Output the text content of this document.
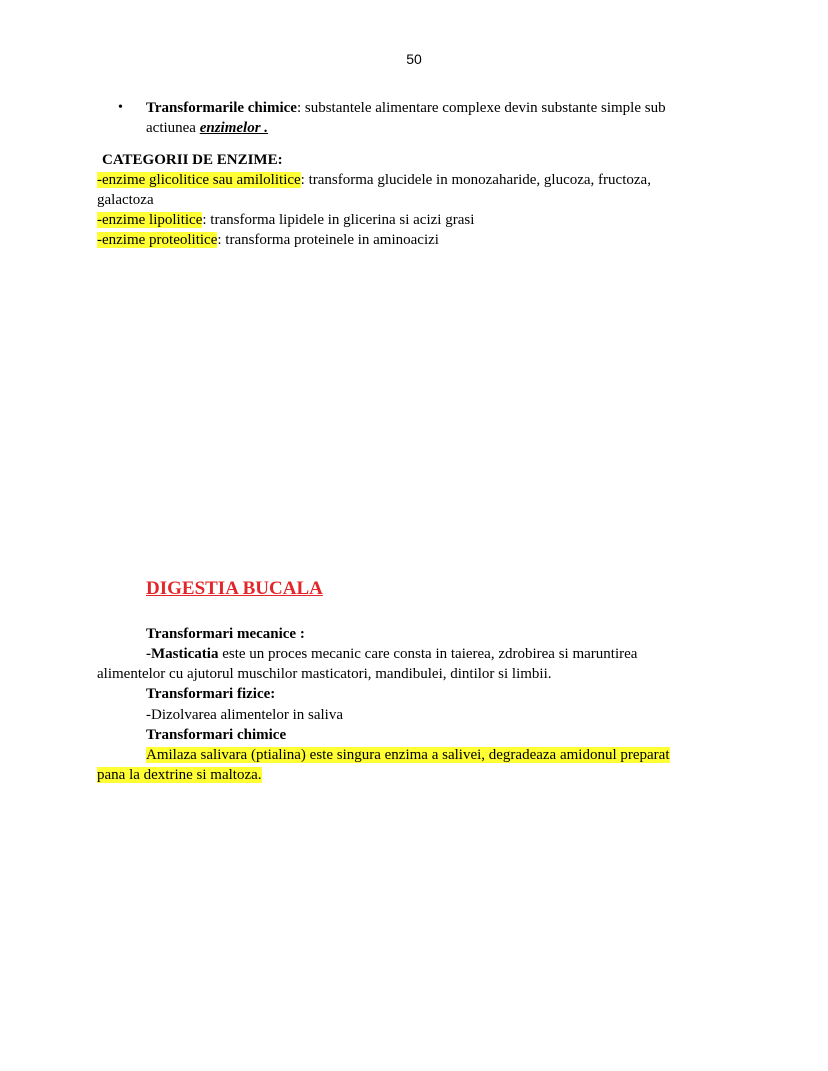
50
•	Transformarile chimice: substantele alimentare complexe devin substante simple sub
actiunea enzimelor .
CATEGORII DE ENZIME:
-enzime glicolitice sau amilolitice: transforma glucidele in monozaharide, glucoza, fructoza,
galactoza
-enzime lipolitice: transforma lipidele in glicerina si acizi grasi
-enzime proteolitice: transforma proteinele in aminoacizi
DIGESTIA BUCALA
Transformari mecanice :
-Masticatia este un proces mecanic care consta in taierea, zdrobirea si maruntirea
alimentelor cu ajutorul muschilor masticatori, mandibulei, dintilor si limbii.
Transformari fizice:
-Dizolvarea alimentelor in saliva
Transformari chimice
Amilaza salivara (ptialina) este singura enzima a salivei, degradeaza amidonul preparat
pana la dextrine si maltoza.
